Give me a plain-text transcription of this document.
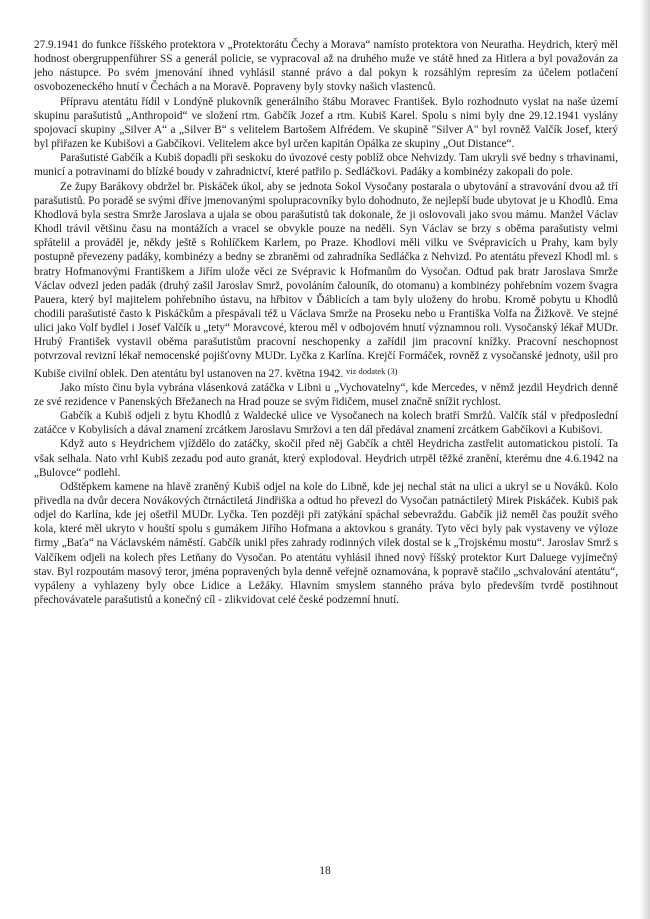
27.9.1941 do funkce říšského protektora v „Protektorátu Čechy a Morava“ namísto protektora von Neuratha. Heydrich, který měl hodnost obergruppenführer SS a generál policie, se vypracoval až na druhého muže ve státě hned za Hitlera a byl považován za jeho nástupce. Po svém jmenování ihned vyhlásil stanné právo a dal pokyn k rozsáhlým represím za účelem potlačení osvobozeneckého hnutí v Čechách a na Moravě. Popraveny byly stovky našich vlastenců.

Přípravu atentátu řídil v Londýně plukovník generálního štábu Moravec František. Bylo rozhodnuto vyslat na naše území skupinu parašutistů „Anthropoid“ ve složení rtm. Gabčík Jozef a rtm. Kubiš Karel. Spolu s nimi byly dne 29.12.1941 vyslány spojovací skupiny „Silver A“ a „Silver B“ s velitelem Bartošem Alfrédem. Ve skupině "Silver A" byl rovněž Valčík Josef, který byl přiřazen ke Kubišovi a Gabčíkovi. Velitelem akce byl určen kapitán Opálka ze skupiny „Out Distance“.

Parašutisté Gabčík a Kubiš dopadli při seskoku do úvozové cesty poblíž obce Nehvizdy. Tam ukryli své bedny s trhavinami, municí a potravinami do blízké boudy v zahradnictví, které patřilo p. Sedláčkovi. Padáky a kombinézy zakopali do pole.

Ze župy Barákovy obdržel br. Piskáček úkol, aby se jednota Sokol Vysočany postarala o ubytování a stravování dvou až tří parašutistů. Po poradě se svými dříve jmenovanými spolupracovníky bylo dohodnuto, že nejlepší bude ubytovat je u Khodlů. Ema Khodlová byla sestra Smrže Jaroslava a ujala se obou parašutistů tak dokonale, že ji oslovovali jako svou mámu. Manžel Václav Khodl trávil většinu času na montážích a vracel se obvykle pouze na neděli. Syn Václav se brzy s oběma parašutisty velmi spřátelil a prováděl je, někdy ještě s Rohlíčkem Karlem, po Praze. Khodlovi měli vilku ve Svépravicích u Prahy, kam byly postupně převezeny padáky, kombinézy a bedny se zbraněmi od zahradníka Sedláčka z Nehvizd. Po atentátu převezl Khodl ml. s bratry Hofmanovými Františkem a Jiřím ulože věci ze Svépravic k Hofmanům do Vysočan. Odtud pak bratr Jaroslava Smrže Václav odvezl jeden padák (druhý zašil Jaroslav Smrž, povoláním čalouník, do otomanu) a kombinézy pohřebním vozem švagra Pauera, který byl majitelem pohřebního ústavu, na hřbitov v Ďáblicích a tam byly uloženy do hrobu. Kromě pobytu u Khodlů chodili parašutisté často k Piskáčkům a přespávali též u Václava Smrže na Proseku nebo u Františka Volfa na Žižkově. Ve stejné ulici jako Volf bydlel i Josef Valčík u „tety“ Moravcové, kterou měl v odbojovém hnutí významnou roli. Vysočanský lékař MUDr. Hrubý František vystavil oběma parašutistům pracovní neschopenky a zařídil jim pracovní knížky. Pracovní neschopnost potvrzoval revizní lékař nemocenské pojišťovny MUDr. Lyčka z Karlína. Krejčí Formáček, rovněž z vysočanské jednoty, ušil pro Kubiše civilní oblek. Den atentátu byl ustanoven na 27. května 1942. $^{viz dodatek (3)}$

Jako místo činu byla vybrána vlásenková zatáčka v Libni u „Vychovatelny“, kde Mercedes, v němž jezdil Heydrich denně ze své rezidence v Panenských Břežanech na Hrad pouze se svým řidičem, musel značně snížit rychlost.

Gabčík a Kubiš odjeli z bytu Khodlů z Waldecké ulice ve Vysočanech na kolech bratří Smržů. Valčík stál v předposlední zatáčce v Kobylisích a dával znamení zrcátkem Jaroslavu Smržovi a ten dál předával znamení zrcátkem Gabčíkovi a Kubišovi.

Když auto s Heydrichem vjíždělo do zatáčky, skočil před něj Gabčík a chtěl Heydricha zastřelit automatickou pistolí. Ta však selhala. Nato vrhl Kubiš zezadu pod auto granát, který explodoval. Heydrich utrpěl těžké zranění, kterému dne 4.6.1942 na „Bulovce“ podlehl.

Odštěpkem kamene na hlavě zraněný Kubiš odjel na kole do Libně, kde jej nechal stát na ulici a ukryl se u Nováků. Kolo přivedla na dvůr decera Novákových čtrnáctiletá Jindřiška a odtud ho převezl do Vysočan patnáctiletý Mirek Piskáček. Kubiš pak odjel do Karlína, kde jej ošetřil MUDr. Lyčka. Ten později při zatýkání spáchal sebevraždu. Gabčík již neměl čas použít svého kola, které měl ukryto v houští spolu s gumákem Jiřího Hofmana a aktovkou s granáty. Tyto věci byly pak vystaveny ve výloze firmy „Baťa“ na Václavském náměstí. Gabčík unikl přes zahrady rodinných vilek dostal se k „Trojskému mostu“. Jaroslav Smrž s Valčíkem odjeli na kolech přes Letňany do Vysočan. Po atentátu vyhlásil ihned nový říšský protektor Kurt Daluege vyjímečný stav. Byl rozpoutám masový teror, jména popravených byla denně veřejně oznamována, k popravě stačilo „schvalování atentátu“, vypáleny a vyhlazeny byly obce Lidice a Ležáky. Hlavním smyslem stanného práva bylo především tvrdě postihnout přechovávatele parašutistů a konečný cíl - zlikvidovat celé české podzemní hnutí.

18
